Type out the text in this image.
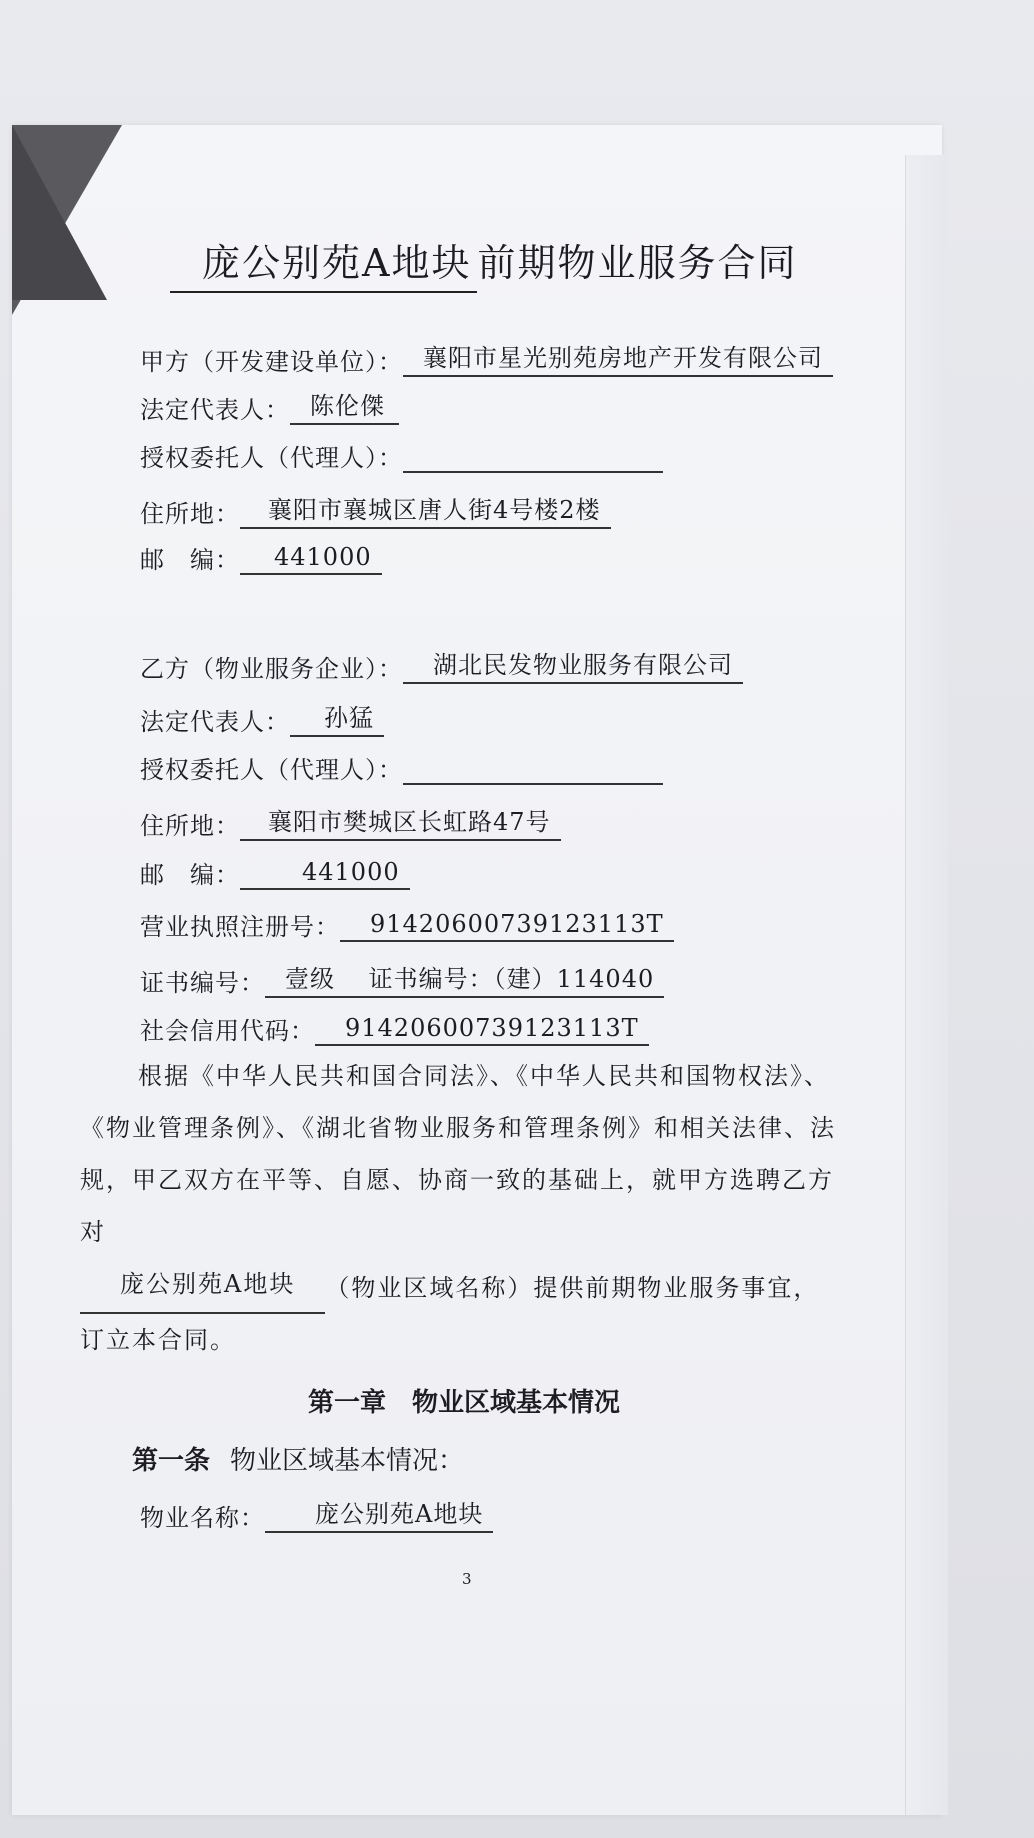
庞公别苑A地块 前期物业服务合同
甲方（开发建设单位）： 襄阳市星光别苑房地产开发有限公司
法定代表人： 陈伦傑
授权委托人（代理人）：
住所地： 襄阳市襄城区唐人街4号楼2楼
邮　编： 441000
乙方（物业服务企业）： 湖北民发物业服务有限公司
法定代表人： 孙猛
授权委托人（代理人）：
住所地： 襄阳市樊城区长虹路47号
邮　编：	441000
营业执照注册号： 91420600739123113T
证书编号： 壹级　 证书编号：（建）114040
社会信用代码： 91420600739123113T
根据《中华人民共和国合同法》、《中华人民共和国物权法》、
《物业管理条例》、《湖北省物业服务和管理条例》和相关法律、法
规，甲乙双方在平等、自愿、协商一致的基础上，就甲方选聘乙方对
庞公别苑A地块 （物业区域名称）提供前期物业服务事宜，
订立本合同。
第一章　物业区域基本情况
第一条 物业区域基本情况：
物业名称： 庞公别苑A地块
3
